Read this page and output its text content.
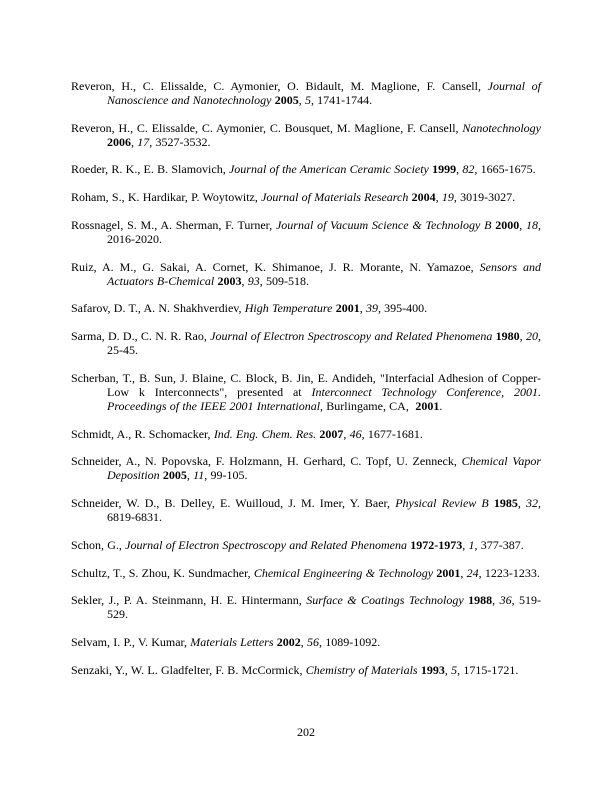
Reveron, H., C. Elissalde, C. Aymonier, O. Bidault, M. Maglione, F. Cansell, Journal of Nanoscience and Nanotechnology 2005, 5, 1741-1744.

Reveron, H., C. Elissalde, C. Aymonier, C. Bousquet, M. Maglione, F. Cansell, Nanotechnology 2006, 17, 3527-3532.

Roeder, R. K., E. B. Slamovich, Journal of the American Ceramic Society 1999, 82, 1665-1675.

Roham, S., K. Hardikar, P. Woytowitz, Journal of Materials Research 2004, 19, 3019-3027.

Rossnagel, S. M., A. Sherman, F. Turner, Journal of Vacuum Science & Technology B 2000, 18, 2016-2020.

Ruiz, A. M., G. Sakai, A. Cornet, K. Shimanoe, J. R. Morante, N. Yamazoe, Sensors and Actuators B-Chemical 2003, 93, 509-518.

Safarov, D. T., A. N. Shakhverdiev, High Temperature 2001, 39, 395-400.

Sarma, D. D., C. N. R. Rao, Journal of Electron Spectroscopy and Related Phenomena 1980, 20, 25-45.

Scherban, T., B. Sun, J. Blaine, C. Block, B. Jin, E. Andideh, "Interfacial Adhesion of Copper-Low k Interconnects", presented at Interconnect Technology Conference, 2001. Proceedings of the IEEE 2001 International, Burlingame, CA,  2001.

Schmidt, A., R. Schomacker, Ind. Eng. Chem. Res. 2007, 46, 1677-1681.

Schneider, A., N. Popovska, F. Holzmann, H. Gerhard, C. Topf, U. Zenneck, Chemical Vapor Deposition 2005, 11, 99-105.

Schneider, W. D., B. Delley, E. Wuilloud, J. M. Imer, Y. Baer, Physical Review B 1985, 32, 6819-6831.

Schon, G., Journal of Electron Spectroscopy and Related Phenomena 1972-1973, 1, 377-387.

Schultz, T., S. Zhou, K. Sundmacher, Chemical Engineering & Technology 2001, 24, 1223-1233.

Sekler, J., P. A. Steinmann, H. E. Hintermann, Surface & Coatings Technology 1988, 36, 519-529.

Selvam, I. P., V. Kumar, Materials Letters 2002, 56, 1089-1092.

Senzaki, Y., W. L. Gladfelter, F. B. McCormick, Chemistry of Materials 1993, 5, 1715-1721.

202
